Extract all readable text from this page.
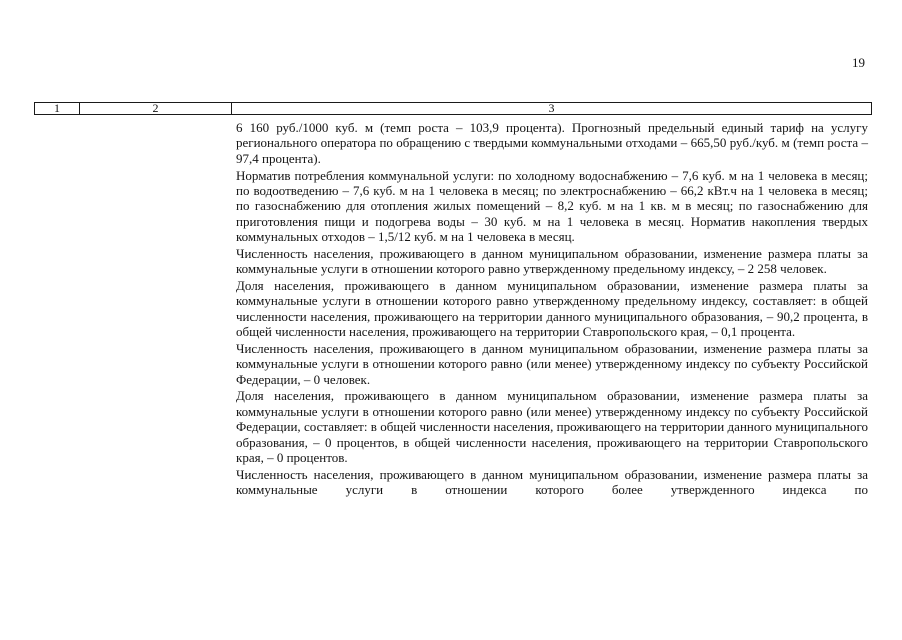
19
1	2	3

6 160 руб./1000 куб. м (темп роста – 103,9 процента). Прогнозный предельный единый тариф на услугу регионального оператора по обращению с твердыми коммунальными отходами – 665,50 руб./куб. м (темп роста – 97,4 процента).

Норматив потребления коммунальной услуги: по холодному водоснабжению – 7,6 куб. м на 1 человека в месяц; по водоотведению – 7,6 куб. м на 1 человека в месяц; по электроснабжению – 66,2 кВт.ч на 1 человека в месяц; по газоснабжению для отопления жилых помещений – 8,2 куб. м на 1 кв. м в месяц; по газоснабжению для приготовления пищи и подогрева воды – 30 куб. м на 1 человека в месяц. Норматив накопления твердых коммунальных отходов – 1,5/12 куб. м на 1 человека в месяц.

Численность населения, проживающего в данном муниципальном образовании, изменение размера платы за коммунальные услуги в отношении которого равно утвержденному предельному индексу, – 2 258 человек.

Доля населения, проживающего в данном муниципальном образовании, изменение размера платы за коммунальные услуги в отношении которого равно утвержденному предельному индексу, составляет: в общей численности населения, проживающего на территории данного муниципального образования, – 90,2 процента, в общей численности населения, проживающего на территории Ставропольского края, – 0,1 процента.

Численность населения, проживающего в данном муниципальном образовании, изменение размера платы за коммунальные услуги в отношении которого равно (или менее) утвержденному индексу по субъекту Российской Федерации, – 0 человек.

Доля населения, проживающего в данном муниципальном образовании, изменение размера платы за коммунальные услуги в отношении которого равно (или менее) утвержденному индексу по субъекту Российской Федерации, составляет: в общей численности населения, проживающего на территории данного муниципального образования, – 0 процентов, в общей численности населения, проживающего на территории Ставропольского края, – 0 процентов.

Численность населения, проживающего в данном муниципальном образовании, изменение размера платы за коммунальные услуги в отношении которого более утвержденного индекса по
